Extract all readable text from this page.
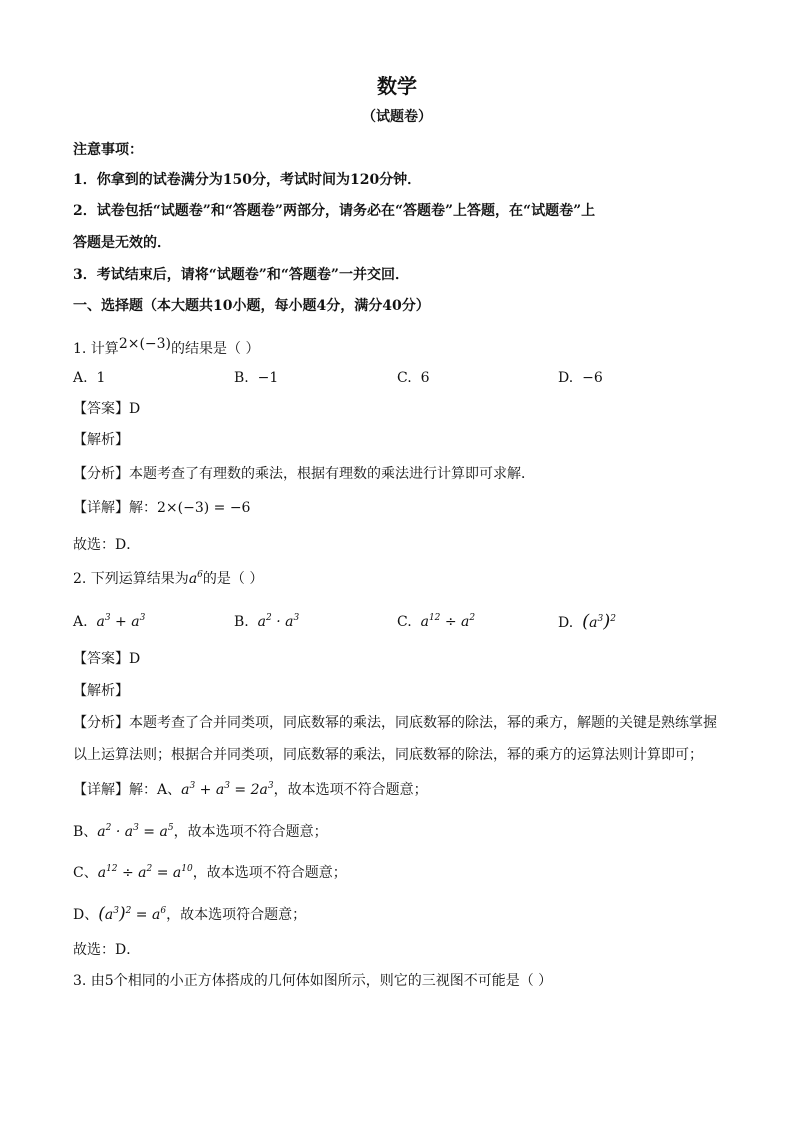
数学
（试题卷）
注意事项：
1．你拿到的试卷满分为150分，考试时间为120分钟．
2．试卷包括“试题卷”和“答题卷”两部分，请务必在“答题卷”上答题，在“试题卷”上
答题是无效的．
3．考试结束后，请将“试题卷”和“答题卷”一并交回．
一、选择题（本大题共10小题，每小题4分，满分40分）
1. 计算2×(−3)的结果是（ ）
A. 1	B. −1	C. 6	D. −6
【答案】D
【解析】
【分析】本题考查了有理数的乘法，根据有理数的乘法进行计算即可求解．
【详解】解：2×(−3) = −6
故选：D．
2. 下列运算结果为$a^6$的是（ ）
A. $a^3 + a^3$	B. $a^2 \cdot a^3$	C. $a^{12} \div a^2$	D. $(a^3)^2$
【答案】D
【解析】
【分析】本题考查了合并同类项，同底数幂的乘法，同底数幂的除法，幂的乘方，解题的关键是熟练掌握
以上运算法则；根据合并同类项，同底数幂的乘法，同底数幂的除法，幂的乘方的运算法则计算即可；
【详解】解：A、$a^3 + a^3 = 2a^3$，故本选项不符合题意；
B、$a^2 \cdot a^3 = a^5$，故本选项不符合题意；
C、$a^{12} \div a^2 = a^{10}$，故本选项不符合题意；
D、$(a^3)^2 = a^6$，故本选项符合题意；
故选：D．
3. 由5个相同的小正方体搭成的几何体如图所示，则它的三视图不可能是（ ）
